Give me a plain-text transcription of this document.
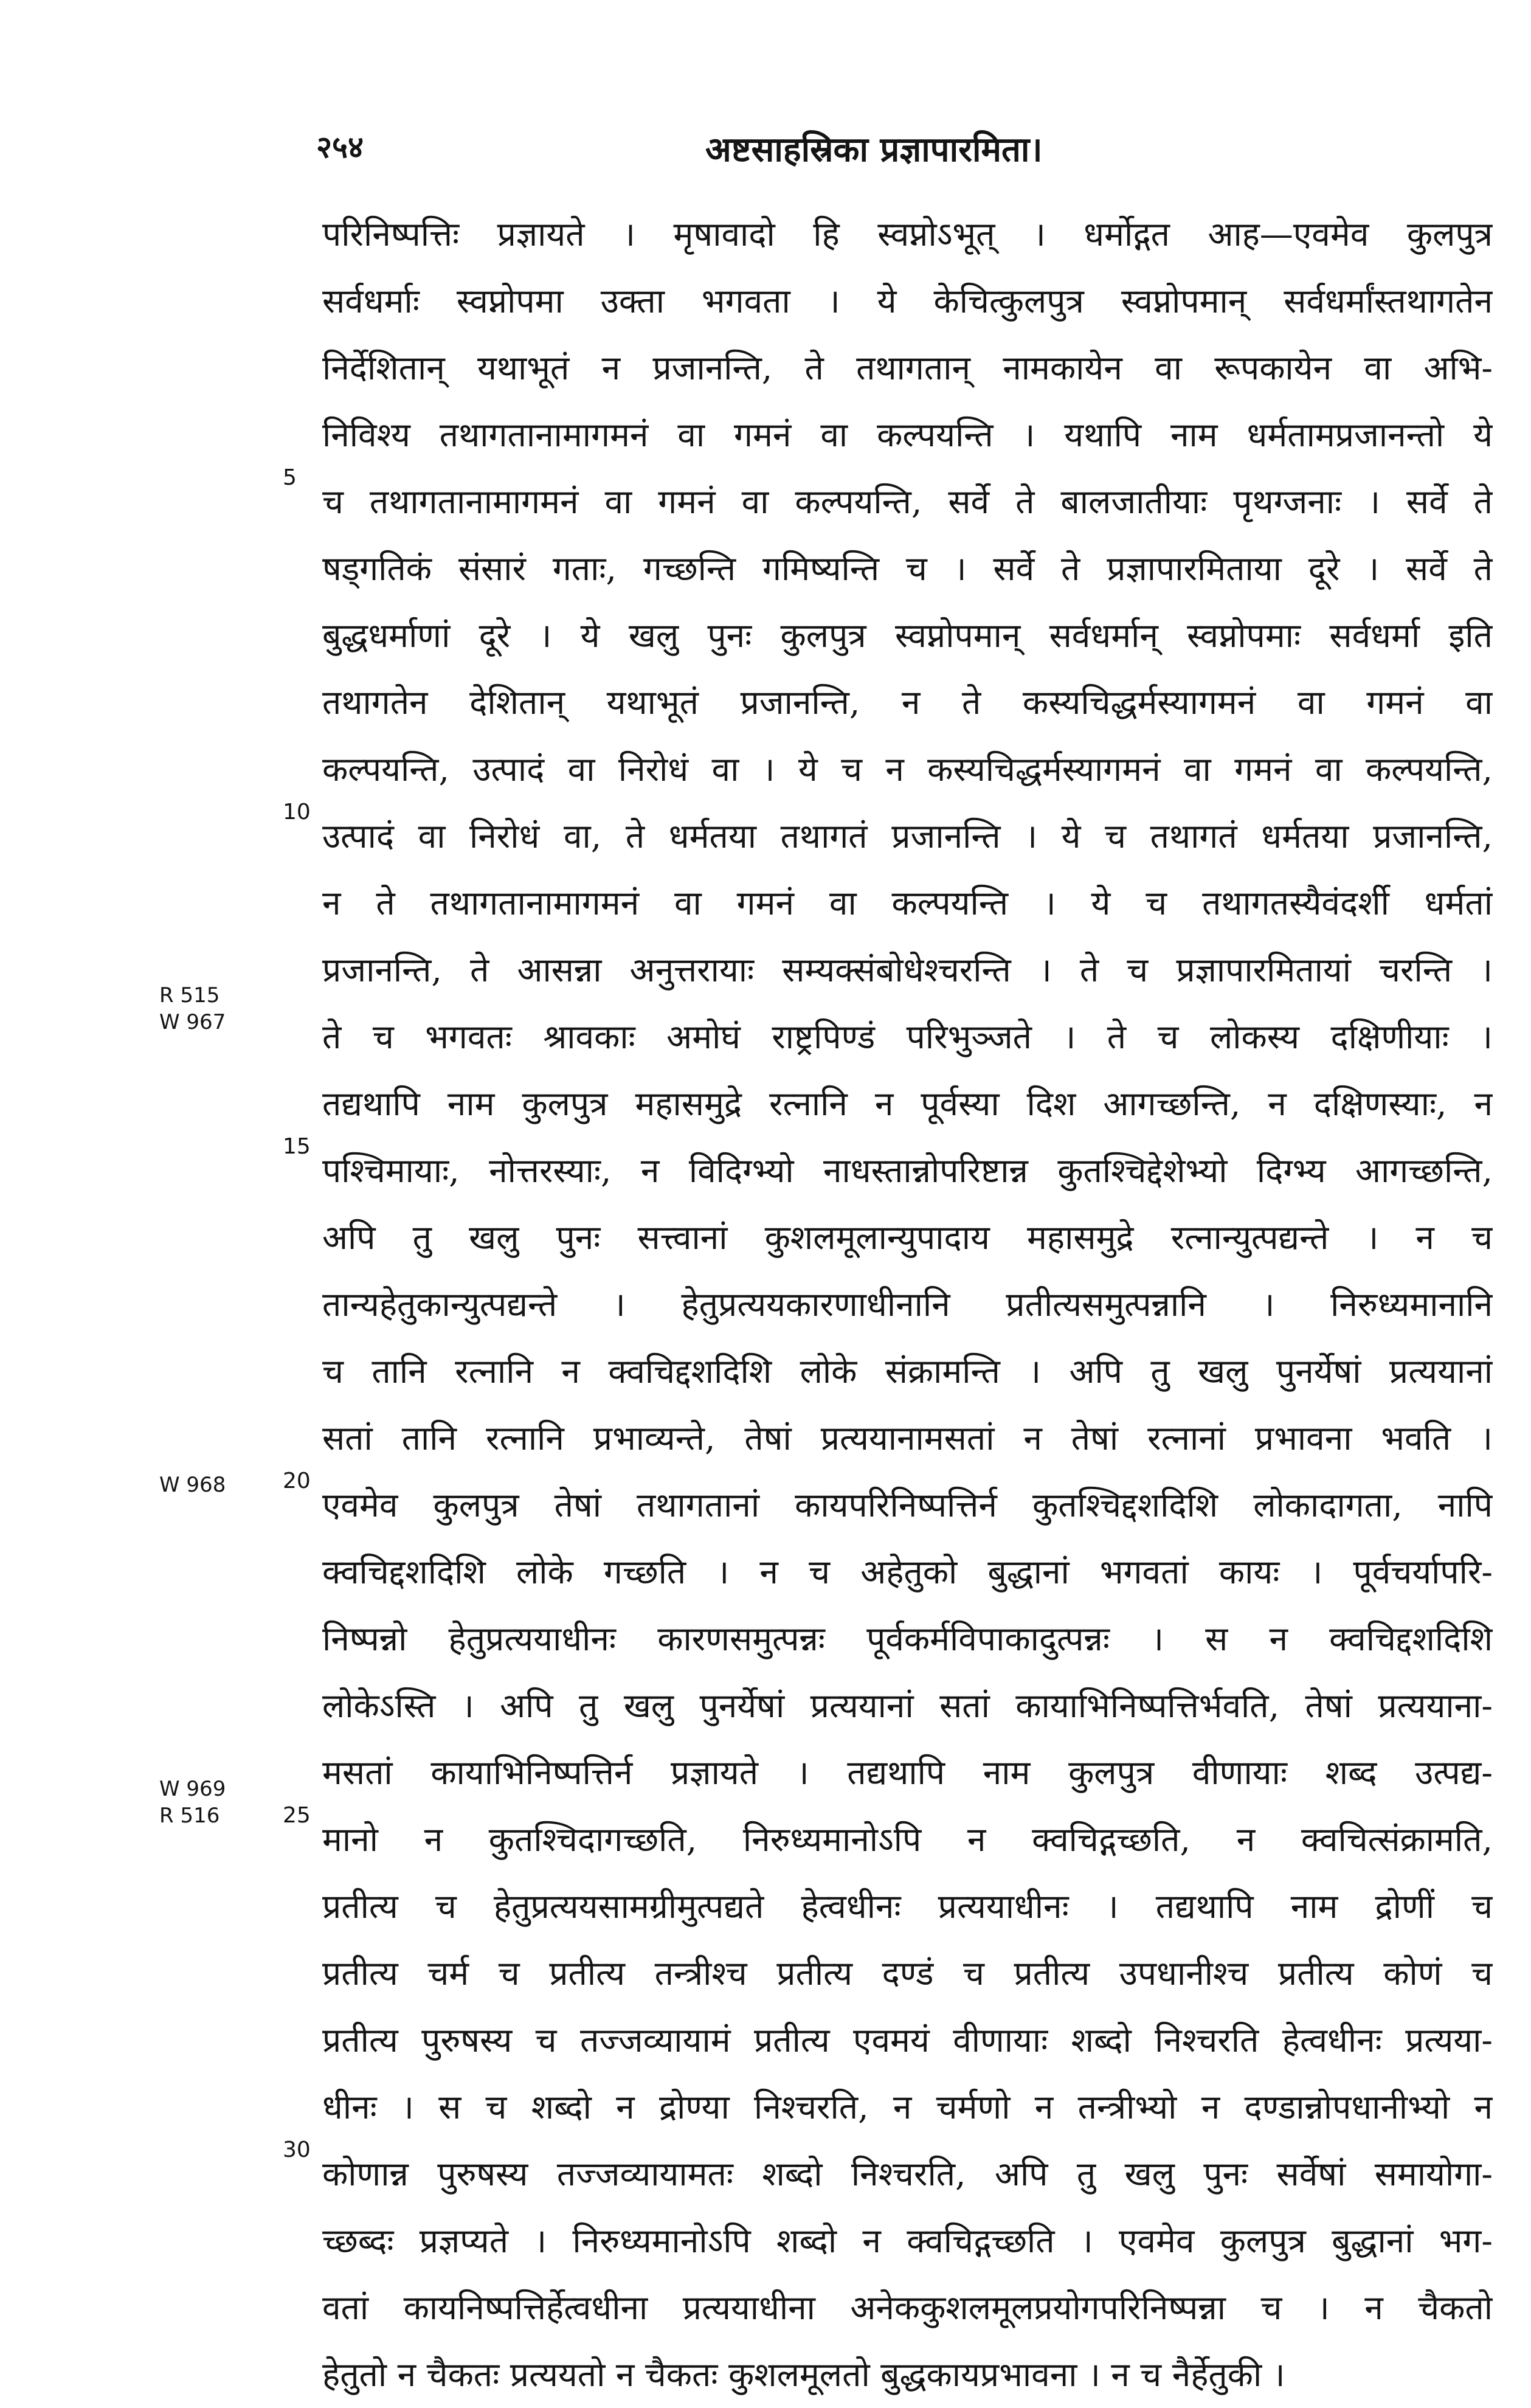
२५४	अष्टसाहस्रिका प्रज्ञापारमिता।
परिनिष्पत्तिः प्रज्ञायते । मृषावादो हि स्वप्नोऽभूत् । धर्मोद्गत आह—एवमेव कुलपुत्र
सर्वधर्माः स्वप्नोपमा उक्ता भगवता । ये केचित्कुलपुत्र स्वप्नोपमान् सर्वधर्मांस्तथागतेन
निर्देशितान् यथाभूतं न प्रजानन्ति, ते तथागतान् नामकायेन वा रूपकायेन वा अभि-
निविश्य तथागतानामागमनं वा गमनं वा कल्पयन्ति । यथापि नाम धर्मतामप्रजानन्तो ये
च तथागतानामागमनं वा गमनं वा कल्पयन्ति, सर्वे ते बालजातीयाः पृथग्जनाः । सर्वे ते
षड्गतिकं संसारं गताः, गच्छन्ति गमिष्यन्ति च । सर्वे ते प्रज्ञापारमिताया दूरे । सर्वे ते
बुद्धधर्माणां दूरे । ये खलु पुनः कुलपुत्र स्वप्नोपमान् सर्वधर्मान् स्वप्नोपमाः सर्वधर्मा इति
तथागतेन देशितान् यथाभूतं प्रजानन्ति, न ते कस्यचिद्धर्मस्यागमनं वा गमनं वा
कल्पयन्ति, उत्पादं वा निरोधं वा । ये च न कस्यचिद्धर्मस्यागमनं वा गमनं वा कल्पयन्ति,
उत्पादं वा निरोधं वा, ते धर्मतया तथागतं प्रजानन्ति । ये च तथागतं धर्मतया प्रजानन्ति,
न ते तथागतानामागमनं वा गमनं वा कल्पयन्ति । ये च तथागतस्यैवंदर्शी धर्मतां
प्रजानन्ति, ते आसन्ना अनुत्तरायाः सम्यक्संबोधेश्चरन्ति । ते च प्रज्ञापारमितायां चरन्ति ।
ते च भगवतः श्रावकाः अमोघं राष्ट्रपिण्डं परिभुञ्जते । ते च लोकस्य दक्षिणीयाः ।
तद्यथापि नाम कुलपुत्र महासमुद्रे रत्नानि न पूर्वस्या दिश आगच्छन्ति, न दक्षिणस्याः, न
पश्चिमायाः, नोत्तरस्याः, न विदिग्भ्यो नाधस्तान्नोपरिष्टान्न कुतश्चिद्देशेभ्यो दिग्भ्य आगच्छन्ति,
अपि तु खलु पुनः सत्त्वानां कुशलमूलान्युपादाय महासमुद्रे रत्नान्युत्पद्यन्ते । न च
तान्यहेतुकान्युत्पद्यन्ते । हेतुप्रत्ययकारणाधीनानि प्रतीत्यसमुत्पन्नानि । निरुध्यमानानि
च तानि रत्नानि न क्वचिद्दशदिशि लोके संक्रामन्ति । अपि तु खलु पुनर्येषां प्रत्ययानां
सतां तानि रत्नानि प्रभाव्यन्ते, तेषां प्रत्ययानामसतां न तेषां रत्नानां प्रभावना भवति ।
एवमेव कुलपुत्र तेषां तथागतानां कायपरिनिष्पत्तिर्न कुतश्चिद्दशदिशि लोकादागता, नापि
क्वचिद्दशदिशि लोके गच्छति । न च अहेतुको बुद्धानां भगवतां कायः । पूर्वचर्यापरि-
निष्पन्नो हेतुप्रत्ययाधीनः कारणसमुत्पन्नः पूर्वकर्मविपाकादुत्पन्नः । स न क्वचिद्दशदिशि
लोकेऽस्ति । अपि तु खलु पुनर्येषां प्रत्ययानां सतां कायाभिनिष्पत्तिर्भवति, तेषां प्रत्ययाना-
मसतां कायाभिनिष्पत्तिर्न प्रज्ञायते । तद्यथापि नाम कुलपुत्र वीणायाः शब्द उत्पद्य-
मानो न कुतश्चिदागच्छति, निरुध्यमानोऽपि न क्वचिद्गच्छति, न क्वचित्संक्रामति,
प्रतीत्य च हेतुप्रत्ययसामग्रीमुत्पद्यते हेत्वधीनः प्रत्ययाधीनः । तद्यथापि नाम द्रोणीं च
प्रतीत्य चर्म च प्रतीत्य तन्त्रीश्च प्रतीत्य दण्डं च प्रतीत्य उपधानीश्च प्रतीत्य कोणं च
प्रतीत्य पुरुषस्य च तज्जव्यायामं प्रतीत्य एवमयं वीणायाः शब्दो निश्चरति हेत्वधीनः प्रत्यया-
धीनः । स च शब्दो न द्रोण्या निश्चरति, न चर्मणो न तन्त्रीभ्यो न दण्डान्नोपधानीभ्यो न
कोणान्न पुरुषस्य तज्जव्यायामतः शब्दो निश्चरति, अपि तु खलु पुनः सर्वेषां समायोगा-
च्छब्दः प्रज्ञप्यते । निरुध्यमानोऽपि शब्दो न क्वचिद्गच्छति । एवमेव कुलपुत्र बुद्धानां भग-
वतां कायनिष्पत्तिर्हेत्वधीना प्रत्ययाधीना अनेककुशलमूलप्रयोगपरिनिष्पन्ना च । न चैकतो
हेतुतो न चैकतः प्रत्ययतो न चैकतः कुशलमूलतो बुद्धकायप्रभावना । न च नैर्हेतुकी ।
5
10
15
20
25
30
R 515
W 967
W 968
W 969
R 516
